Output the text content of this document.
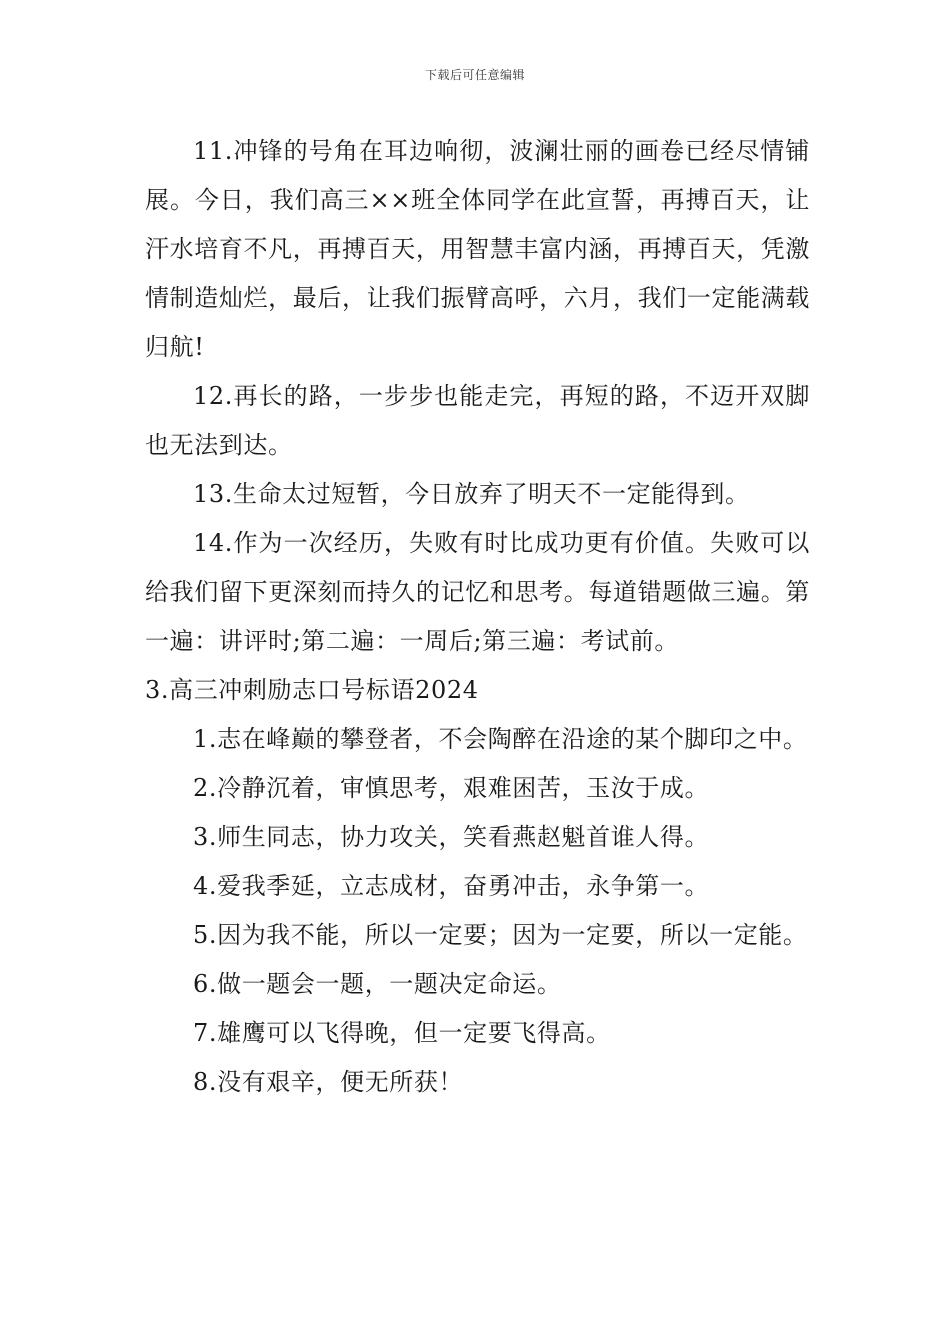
下载后可任意编辑

11.冲锋的号角在耳边响彻，波澜壮丽的画卷已经尽情铺展。今日，我们高三××班全体同学在此宣誓，再搏百天，让汗水培育不凡，再搏百天，用智慧丰富内涵，再搏百天，凭激情制造灿烂，最后，让我们振臂高呼，六月，我们一定能满载归航!

12.再长的路，一步步也能走完，再短的路，不迈开双脚也无法到达。

13.生命太过短暂，今日放弃了明天不一定能得到。

14.作为一次经历，失败有时比成功更有价值。失败可以给我们留下更深刻而持久的记忆和思考。每道错题做三遍。第一遍：讲评时;第二遍：一周后;第三遍：考试前。

3.高三冲刺励志口号标语2024

1.志在峰巅的攀登者，不会陶醉在沿途的某个脚印之中。

2.冷静沉着，审慎思考，艰难困苦，玉汝于成。

3.师生同志，协力攻关，笑看燕赵魁首谁人得。

4.爱我季延，立志成材，奋勇冲击，永争第一。

5.因为我不能，所以一定要；因为一定要，所以一定能。

6.做一题会一题，一题决定命运。

7.雄鹰可以飞得晚，但一定要飞得高。

8.没有艰辛，便无所获！
